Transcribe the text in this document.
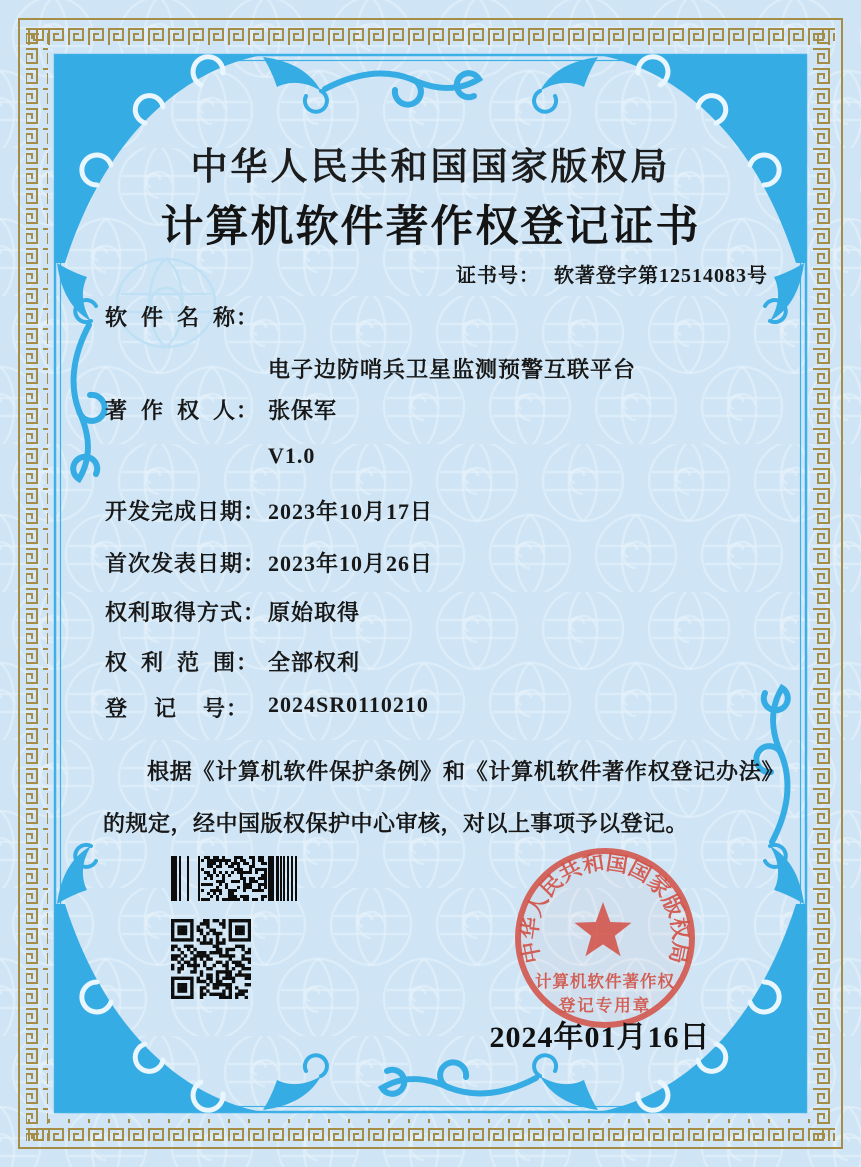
中华人民共和国国家版权局
计算机软件著作权登记证书
证书号： 软著登字第12514083号
软  件  名  称：

电子边防哨兵卫星监测预警互联平台

V1.0

著  作  权  人： 张保军
开发完成日期： 2023年10月17日
首次发表日期： 2023年10月26日
权利取得方式： 原始取得
权  利  范  围： 全部权利
登    记    号： 2024SR0110210
根据《计算机软件保护条例》和《计算机软件著作权登记办法》的规定，经中国版权保护中心审核，对以上事项予以登记。
中华人民共和国国家版权局
计算机软件著作权
登记专用章
2024年01月16日
